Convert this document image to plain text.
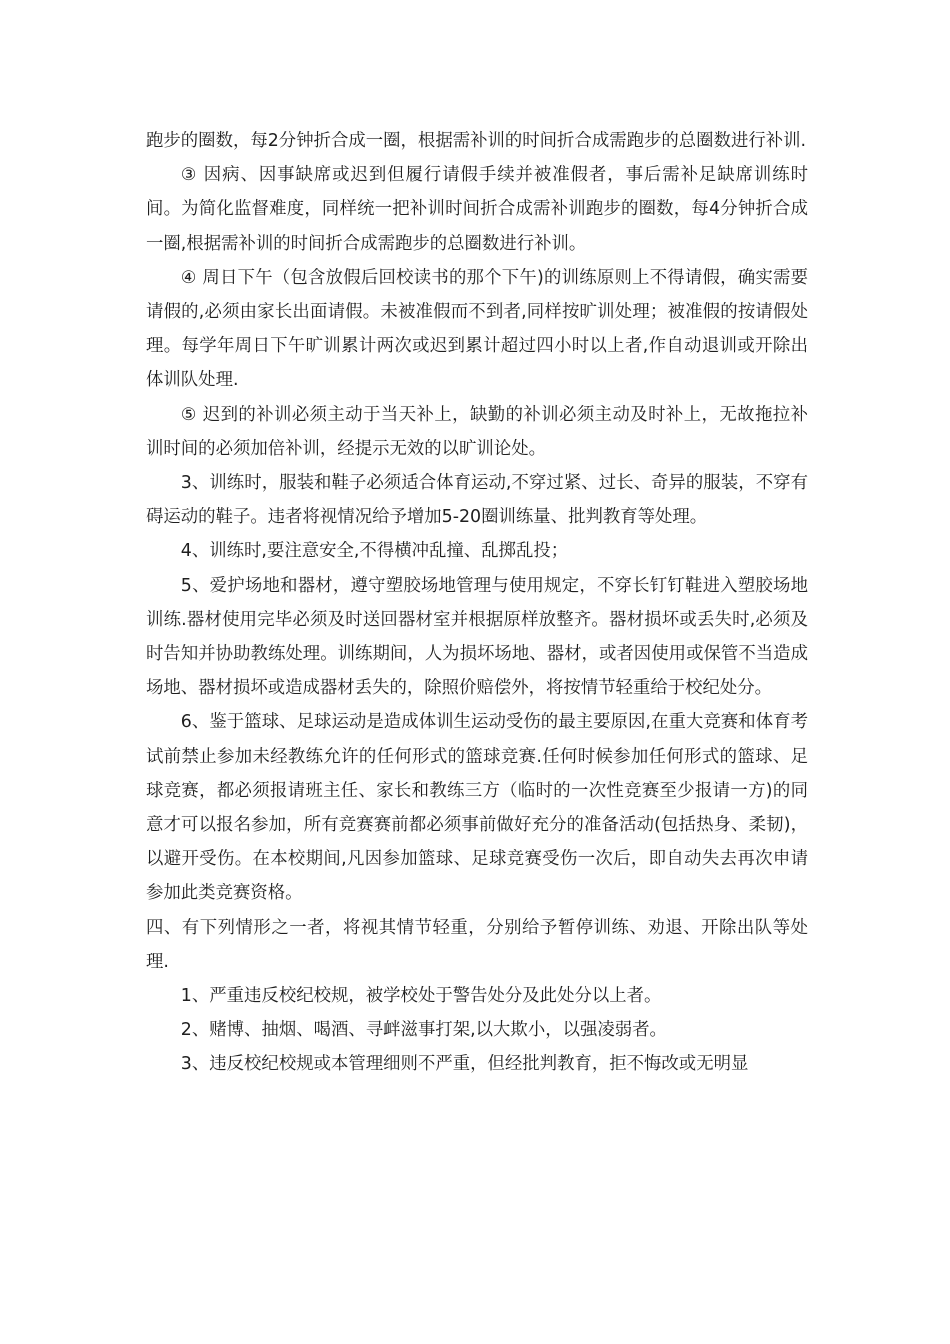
跑步的圈数，每2分钟折合成一圈，根据需补训的时间折合成需跑步的总圈数进行补训.

③ 因病、因事缺席或迟到但履行请假手续并被准假者，事后需补足缺席训练时间。为简化监督难度，同样统一把补训时间折合成需补训跑步的圈数，每4分钟折合成一圈,根据需补训的时间折合成需跑步的总圈数进行补训。

④ 周日下午（包含放假后回校读书的那个下午)的训练原则上不得请假，确实需要请假的,必须由家长出面请假。未被准假而不到者,同样按旷训处理；被准假的按请假处理。每学年周日下午旷训累计两次或迟到累计超过四小时以上者,作自动退训或开除出体训队处理.

⑤ 迟到的补训必须主动于当天补上，缺勤的补训必须主动及时补上，无故拖拉补训时间的必须加倍补训，经提示无效的以旷训论处。

3、训练时，服装和鞋子必须适合体育运动,不穿过紧、过长、奇异的服装，不穿有碍运动的鞋子。违者将视情况给予增加5-20圈训练量、批判教育等处理。

4、训练时,要注意安全,不得横冲乱撞、乱掷乱投；

5、爱护场地和器材，遵守塑胶场地管理与使用规定，不穿长钉钉鞋进入塑胶场地训练.器材使用完毕必须及时送回器材室并根据原样放整齐。器材损坏或丢失时,必须及时告知并协助教练处理。训练期间，人为损坏场地、器材，或者因使用或保管不当造成场地、器材损坏或造成器材丢失的，除照价赔偿外，将按情节轻重给于校纪处分。

6、鉴于篮球、足球运动是造成体训生运动受伤的最主要原因,在重大竞赛和体育考试前禁止参加未经教练允许的任何形式的篮球竞赛.任何时候参加任何形式的篮球、足球竞赛，都必须报请班主任、家长和教练三方（临时的一次性竞赛至少报请一方)的同意才可以报名参加，所有竞赛赛前都必须事前做好充分的准备活动(包括热身、柔韧)，以避开受伤。在本校期间,凡因参加篮球、足球竞赛受伤一次后，即自动失去再次申请参加此类竞赛资格。

四、有下列情形之一者，将视其情节轻重，分别给予暂停训练、劝退、开除出队等处理.

1、严重违反校纪校规，被学校处于警告处分及此处分以上者。

2、赌博、抽烟、喝酒、寻衅滋事打架,以大欺小，以强凌弱者。

3、违反校纪校规或本管理细则不严重，但经批判教育，拒不悔改或无明显
